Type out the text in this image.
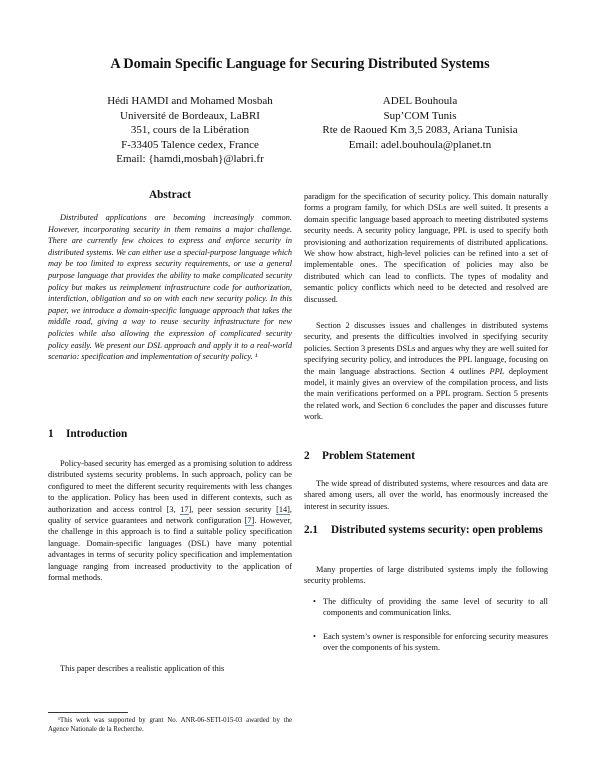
A Domain Specific Language for Securing Distributed Systems
Hédi HAMDI and Mohamed Mosbah
Université de Bordeaux, LaBRI
351, cours de la Libération
F-33405 Talence cedex, France
Email: {hamdi,mosbah}@labri.fr
ADEL Bouhoula
Sup’COM Tunis
Rte de Raoued Km 3,5 2083, Ariana Tunisia
Email: adel.bouhoula@planet.tn
Abstract
Distributed applications are becoming increasingly common. However, incorporating security in them remains a major challenge. There are currently few choices to express and enforce security in distributed systems. We can either use a special-purpose language which may be too limited to express security requirements, or use a general purpose language that provides the ability to make complicated security policy but makes us reimplement infrastructure code for authorization, interdiction, obligation and so on with each new security policy. In this paper, we introduce a domain-specific language approach that takes the middle road, giving a way to reuse security infrastructure for new policies while also allowing the expression of complicated security policy easily. We present our DSL approach and apply it to a real-world scenario: specification and implementation of security policy. ¹
1 Introduction
Policy-based security has emerged as a promising solution to address distributed systems security problems. In such approach, policy can be configured to meet the different security requirements with less changes to the application. Policy has been used in different contexts, such as authorization and access control [3, 17], peer session security [14], quality of service guarantees and network configuration [7]. However, the challenge in this approach is to find a suitable policy specification language. Domain-specific languages (DSL) have many potential advantages in terms of security policy specification and implementation language ranging from increased productivity to the application of formal methods.
This paper describes a realistic application of this
¹This work was supported by grant No. ANR-06-SETI-015-03 awarded by the Agence Nationale de la Recherche.
paradigm for the specification of security policy. This domain naturally forms a program family, for which DSLs are well suited. It presents a domain specific language based approach to meeting distributed systems security needs. A security policy language, PPL is used to specify both provisioning and authorization requirements of distributed applications. We show how abstract, high-level policies can be refined into a set of implementable ones. The specification of policies may also be distributed which can lead to conflicts. The types of modality and semantic policy conflicts which need to be detected and resolved are discussed.
Section 2 discusses issues and challenges in distributed systems security, and presents the difficulties involved in specifying security policies. Section 3 presents DSLs and argues why they are well suited for specifying security policy, and introduces the PPL language, focusing on the main language abstractions. Section 4 outlines PPL deployment model, it mainly gives an overview of the compilation process, and lists the main verifications performed on a PPL program. Section 5 presents the related work, and Section 6 concludes the paper and discusses future work.
2 Problem Statement
The wide spread of distributed systems, where resources and data are shared among users, all over the world, has enormously increased the interest in security issues.
2.1 Distributed systems security: open problems
Many properties of large distributed systems imply the following security problems.
• The difficulty of providing the same level of security to all components and communication links.
• Each system’s owner is responsible for enforcing security measures over the components of his system.
